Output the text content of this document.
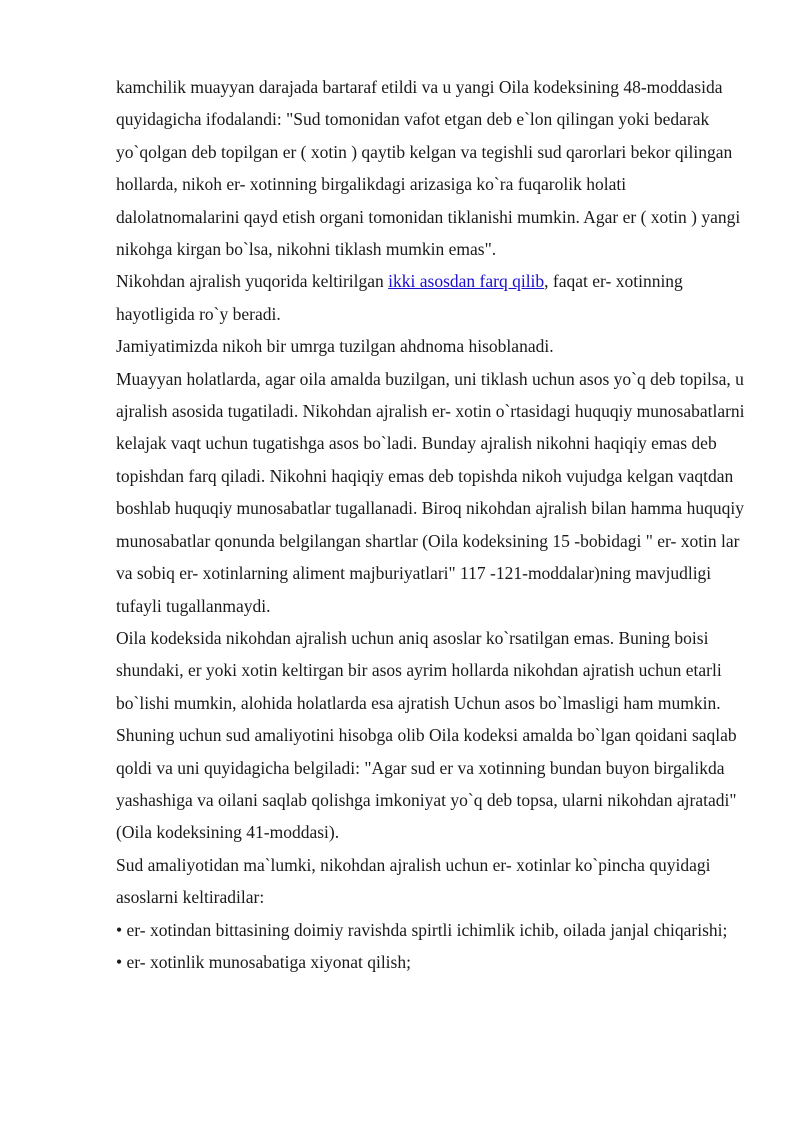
kamchilik muayyan darajada bartaraf etildi va u yangi Oila kodeksining 48-moddasida quyidagicha ifodalandi: "Sud tomonidan vafot etgan deb e`lon qilingan yoki bedarak yo`qolgan deb topilgan er ( xotin ) qaytib kelgan va tegishli sud qarorlari bekor qilingan hollarda, nikoh er- xotinning birgalikdagi arizasiga ko`ra fuqarolik holati dalolatnomalarini qayd etish organi tomonidan tiklanishi mumkin. Agar er ( xotin ) yangi nikohga kirgan bo`lsa, nikohni tiklash mumkin emas".

Nikohdan ajralish yuqorida keltirilgan ikki asosdan farq qilib, faqat er- xotinning hayotligida ro`y beradi.

Jamiyatimizda nikoh bir umrga tuzilgan ahdnoma hisoblanadi.

Muayyan holatlarda, agar oila amalda buzilgan, uni tiklash uchun asos yo`q deb topilsa, u ajralish asosida tugatiladi. Nikohdan ajralish er- xotin o`rtasidagi huquqiy munosabatlarni kelajak vaqt uchun tugatishga asos bo`ladi. Bunday ajralish nikohni haqiqiy emas deb topishdan farq qiladi. Nikohni haqiqiy emas deb topishda nikoh vujudga kelgan vaqtdan boshlab huquqiy munosabatlar tugallanadi. Biroq nikohdan ajralish bilan hamma huquqiy munosabatlar qonunda belgilangan shartlar (Oila kodeksining 15 -bobidagi " er- xotin lar va sobiq er- xotinlarning aliment majburiyatlari" 117 -121-moddalar)ning mavjudligi tufayli tugallanmaydi.

Oila kodeksida nikohdan ajralish uchun aniq asoslar ko`rsatilgan emas. Buning boisi shundaki, er yoki xotin keltirgan bir asos ayrim hollarda nikohdan ajratish uchun etarli bo`lishi mumkin, alohida holatlarda esa ajratish Uchun asos bo`lmasligi ham mumkin. Shuning uchun sud amaliyotini hisobga olib Oila kodeksi amalda bo`lgan qoidani saqlab qoldi va uni quyidagicha belgiladi: "Agar sud er va xotinning bundan buyon birgalikda yashashiga va oilani saqlab qolishga imkoniyat yo`q deb topsa, ularni nikohdan ajratadi" (Oila kodeksining 41-moddasi).

Sud amaliyotidan ma`lumki, nikohdan ajralish uchun er- xotinlar ko`pincha quyidagi asoslarni keltiradilar:

• er- xotindan bittasining doimiy ravishda spirtli ichimlik ichib, oilada janjal chiqarishi;

• er- xotinlik munosabatiga xiyonat qilish;
